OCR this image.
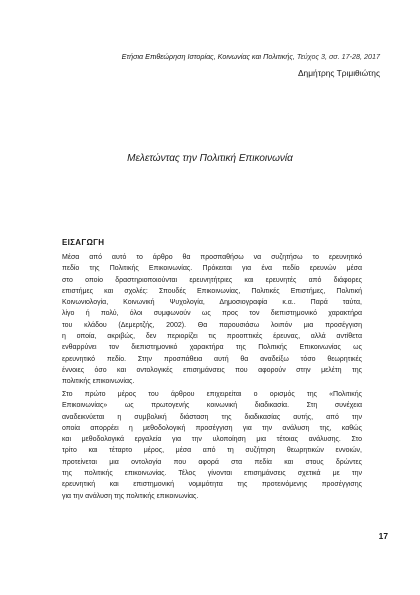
Ετήσια Επιθεώρηση Ιστορίας, Κοινωνίας και Πολιτικής, Τεύχος 3, σσ. 17-28, 2017
Δημήτρης Τριμιθιώτης
Μελετώντας την Πολιτική Επικοινωνία
ΕΙΣΑΓΩΓΗ
Μέσα από αυτό το άρθρο θα προσπαθήσω να συζητήσω το ερευνητικό
πεδίο της Πολιτικής Επικοινωνίας. Πρόκειται για ένα πεδίο ερευνών μέσα
στο οποίο δραστηριοποιούνται ερευνητήτριες και ερευνητές από διάφορες
επιστήμες και σχολές: Σπουδές Επικοινωνίας, Πολιτικές Επιστήμες, Πολιτική
Κοινωνιολογία, Κοινωνική Ψυχολογία, Δημοσιογραφία κ.α.. Παρά ταύτα,
λίγο ή πολύ, όλοι συμφωνούν ως προς τον διεπιστημονικό χαρακτήρα
του κλάδου (Δεμερτζής, 2002). Θα παρουσιάσω λοιπόν μια προσέγγιση
η οποία, ακριβώς, δεν περιορίζει τις προοπτικές έρευνας, αλλά αντίθετα
ενθαρρύνει τον διεπιστημονικό χαρακτήρα της Πολιτικής Επικοινωνίας ως
ερευνητικό πεδίο. Στην προσπάθεια αυτή θα αναδείξω τόσο θεωρητικές
έννοιες όσο και οντολογικές επισημάνσεις που αφορούν στην μελέτη της
πολιτικής επικοινωνίας.
Στο πρώτο μέρος του άρθρου επιχειρείται ο ορισμός της «Πολιτικής
Επικοινωνίας» ως πρωτογενής κοινωνική διαδικασία. Στη συνέχεια
αναδεικνύεται η συμβολική διάσταση της διαδικασίας αυτής, από την
οποία απορρέει η μεθοδολογική προσέγγιση για την ανάλυση της, καθώς
και μεθοδολογικά εργαλεία για την υλοποίηση μια τέτοιας ανάλυσης. Στο
τρίτο και τέταρτο μέρος, μέσα από τη συζήτηση θεωρητικών εννοιών,
προτείνεται μια οντολογία που αφορά στα πεδία και στους δρώντες
της πολιτικής επικοινωνίας. Τέλος γίνονται επισημάνσεις σχετικά με την
ερευνητική και επιστημονική νομιμότητα της προτεινόμενης προσέγγισης
για την ανάλυση της πολιτικής επικοινωνίας.
17
